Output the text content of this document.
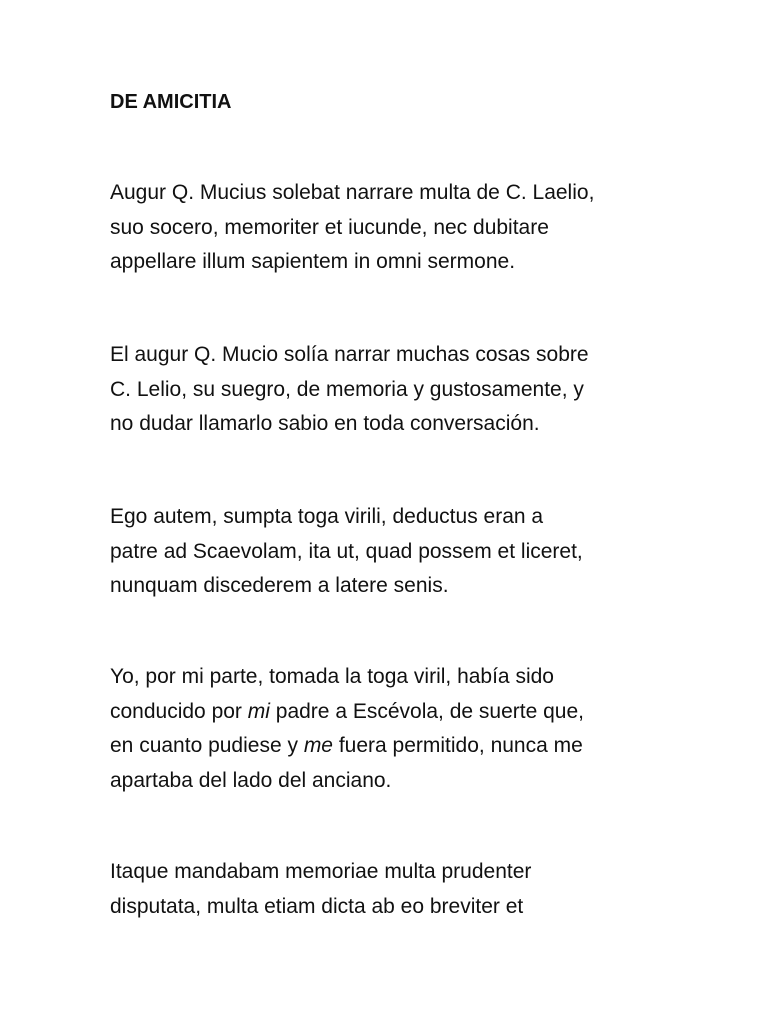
DE AMICITIA
Augur Q. Mucius solebat narrare multa de C. Laelio,
suo socero, memoriter et iucunde, nec dubitare
appellare illum sapientem in omni sermone.
El augur Q. Mucio solía narrar muchas cosas sobre
C. Lelio, su suegro, de memoria y gustosamente, y
no dudar llamarlo sabio en toda conversación.
Ego autem, sumpta toga virili, deductus eran a
patre ad Scaevolam, ita ut, quad possem et liceret,
nunquam discederem a latere senis.
Yo, por mi parte, tomada la toga viril, había sido
conducido por mi padre a Escévola, de suerte que,
en cuanto pudiese y me fuera permitido, nunca me
apartaba del lado del anciano.
Itaque mandabam memoriae multa prudenter
disputata, multa etiam dicta ab eo breviter et
